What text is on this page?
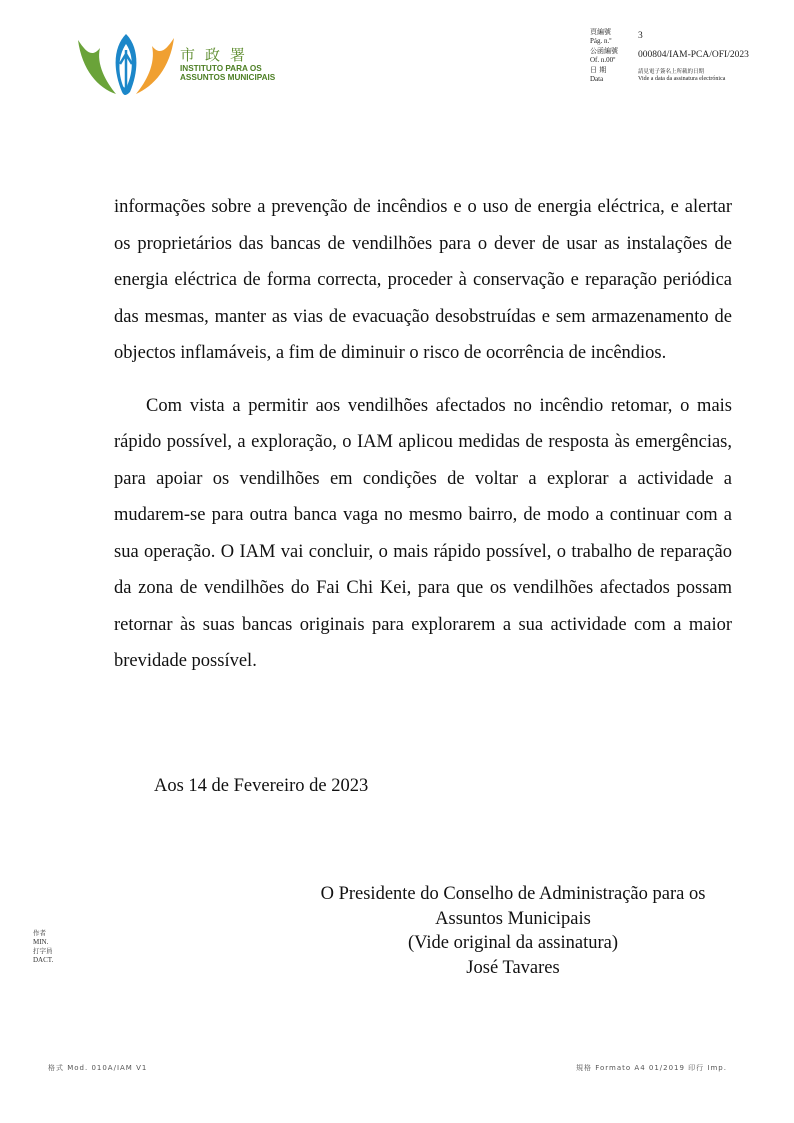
市政署
INSTITUTO PARA OS
ASSUNTOS MUNICIPAIS
頁編號
Pág. n.º	3
公函編號
Of. n.00º 000804/IAM-PCA/OFI/2023
日 期
Data
請見電子簽名上所載的日期
Vide a data da assinatura electrónica

informações sobre a prevenção de incêndios e o uso de energia eléctrica, e alertar os proprietários das bancas de vendilhões para o dever de usar as instalações de energia eléctrica de forma correcta, proceder à conservação e reparação periódica das mesmas, manter as vias de evacuação desobstruídas e sem armazenamento de objectos inflamáveis, a fim de diminuir o risco de ocorrência de incêndios.

Com vista a permitir aos vendilhões afectados no incêndio retomar, o mais rápido possível, a exploração, o IAM aplicou medidas de resposta às emergências, para apoiar os vendilhões em condições de voltar a explorar a actividade a mudarem-se para outra banca vaga no mesmo bairro, de modo a continuar com a sua operação. O IAM vai concluir, o mais rápido possível, o trabalho de reparação da zona de vendilhões do Fai Chi Kei, para que os vendilhões afectados possam retornar às suas bancas originais para explorarem a sua actividade com a maior brevidade possível.

Aos 14 de Fevereiro de 2023
O Presidente do Conselho de Administração para os
Assuntos Municipais
(Vide original da assinatura)
José Tavares
作者
MIN.
打字員
DACT.
格式 Mod. 010A/IAM V1	規格 Formato A4 01/2019 印行 Imp.
